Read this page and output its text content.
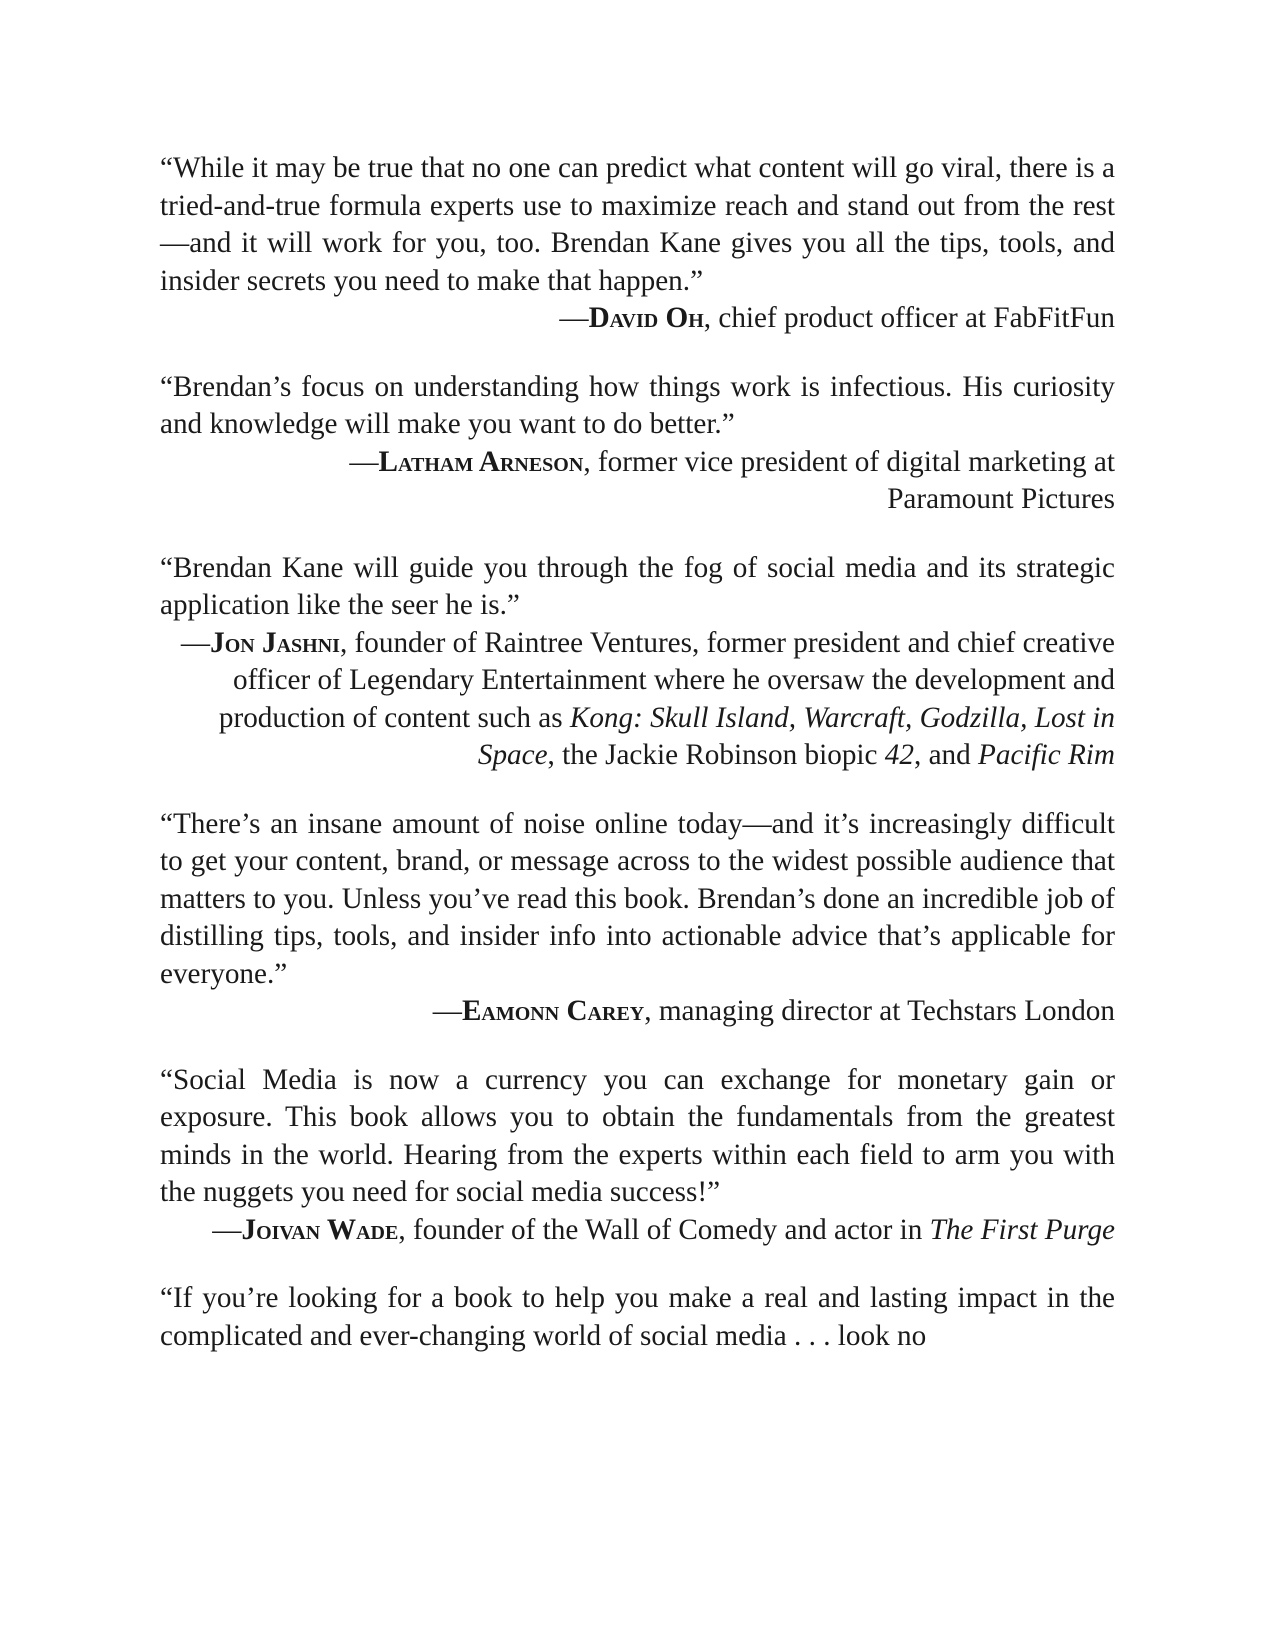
“While it may be true that no one can predict what content will go viral, there is a tried-and-true formula experts use to maximize reach and stand out from the rest—and it will work for you, too. Brendan Kane gives you all the tips, tools, and insider secrets you need to make that happen.”

—David Oh, chief product officer at FabFitFun

“Brendan’s focus on understanding how things work is infectious. His curiosity and knowledge will make you want to do better.”

—Latham Arneson, former vice president of digital marketing at Paramount Pictures

“Brendan Kane will guide you through the fog of social media and its strategic application like the seer he is.”

—Jon Jashni, founder of Raintree Ventures, former president and chief creative officer of Legendary Entertainment where he oversaw the development and production of content such as Kong: Skull Island, Warcraft, Godzilla, Lost in Space, the Jackie Robinson biopic 42, and Pacific Rim

“There’s an insane amount of noise online today—and it’s increasingly difficult to get your content, brand, or message across to the widest possible audience that matters to you. Unless you’ve read this book. Brendan’s done an incredible job of distilling tips, tools, and insider info into actionable advice that’s applicable for everyone.”

—Eamonn Carey, managing director at Techstars London

“Social Media is now a currency you can exchange for monetary gain or exposure. This book allows you to obtain the fundamentals from the greatest minds in the world. Hearing from the experts within each field to arm you with the nuggets you need for social media success!”

—Joivan Wade, founder of the Wall of Comedy and actor in The First Purge

“If you’re looking for a book to help you make a real and lasting impact in the complicated and ever-changing world of social media . . . look no
